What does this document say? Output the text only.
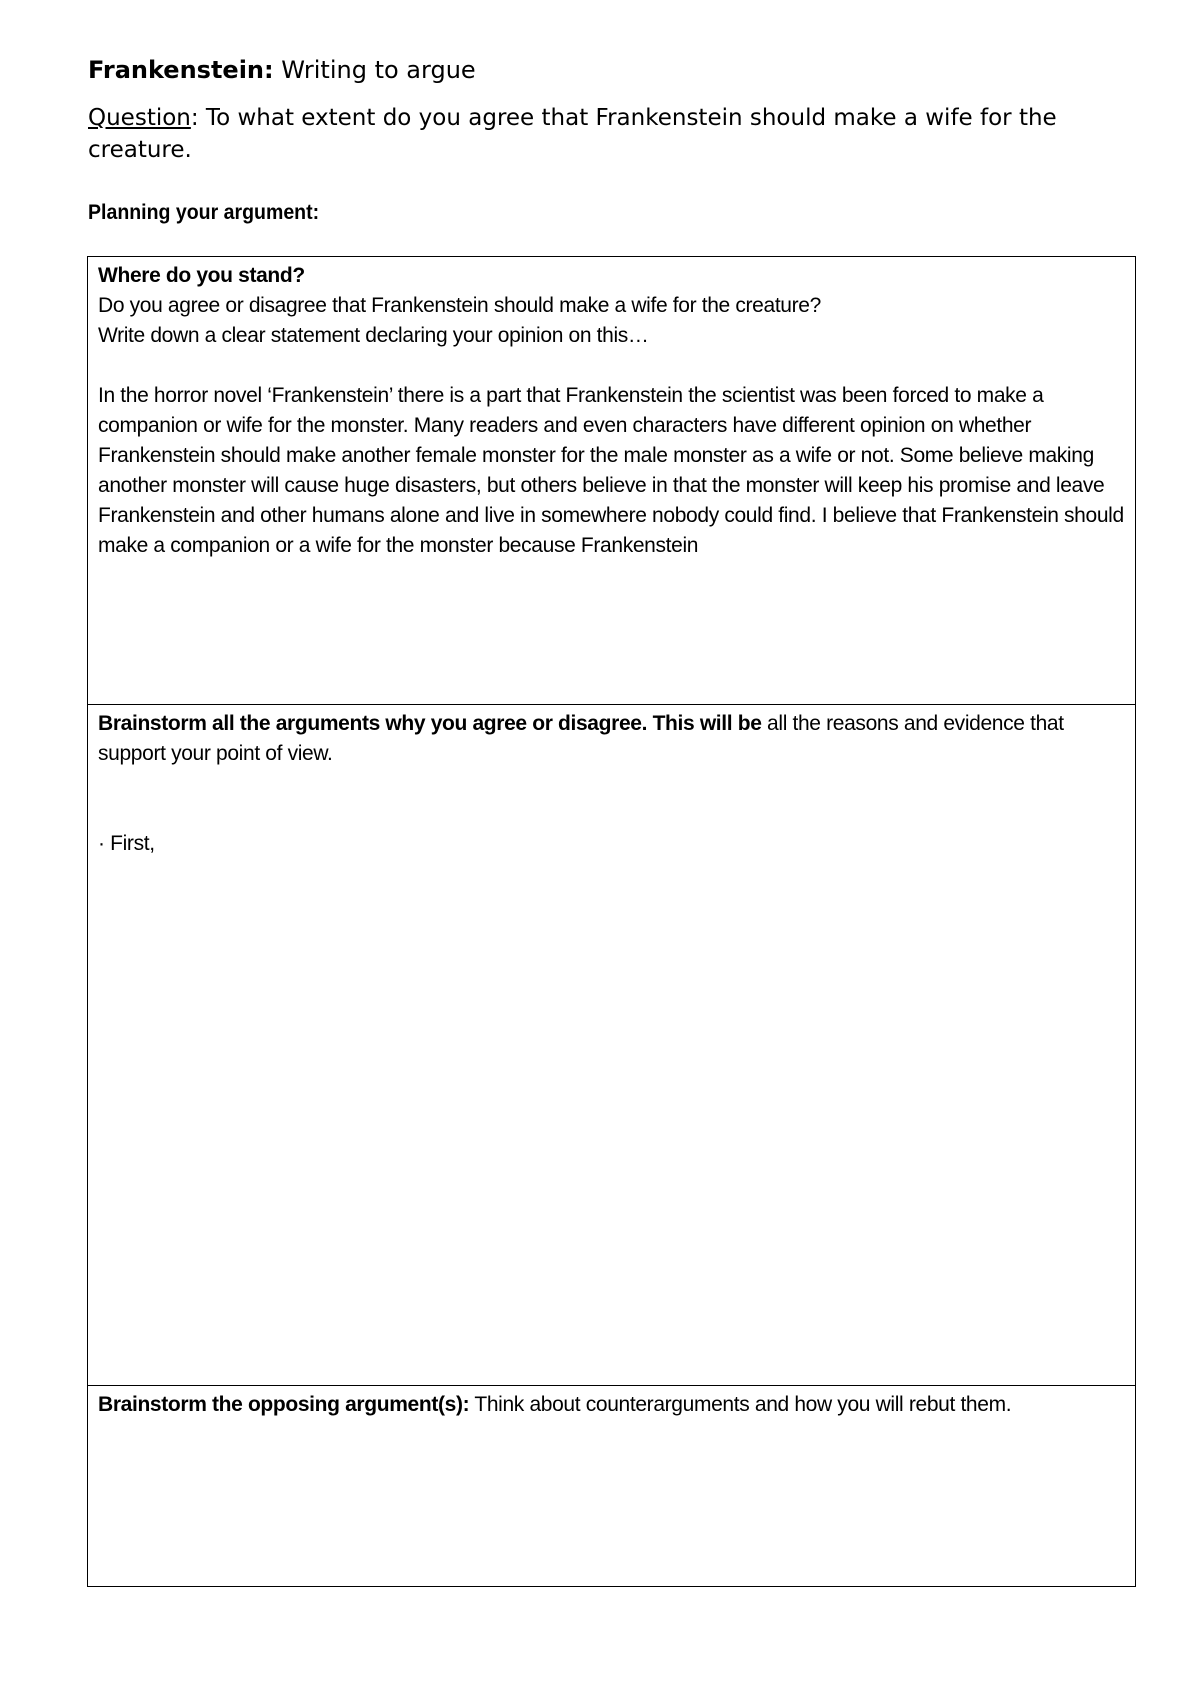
Frankenstein: Writing to argue
Question: To what extent do you agree that Frankenstein should make a wife for the creature.
Planning your argument:

Where do you stand?

Do you agree or disagree that Frankenstein should make a wife for the creature?

Write down a clear statement declaring your opinion on this…

In the horror novel ‘Frankenstein’ there is a part that Frankenstein the scientist was been forced to make a companion or wife for the monster. Many readers and even characters have different opinion on whether Frankenstein should make another female monster for the male monster as a wife or not. Some believe making another monster will cause huge disasters, but others believe in that the monster will keep his promise and leave Frankenstein and other humans alone and live in somewhere nobody could find. I believe that Frankenstein should make a companion or a wife for the monster because Frankenstein

Brainstorm all the arguments why you agree or disagree. This will be all the reasons and evidence that support your point of view.

· First,

Brainstorm the opposing argument(s): Think about counterarguments and how you will rebut them.
